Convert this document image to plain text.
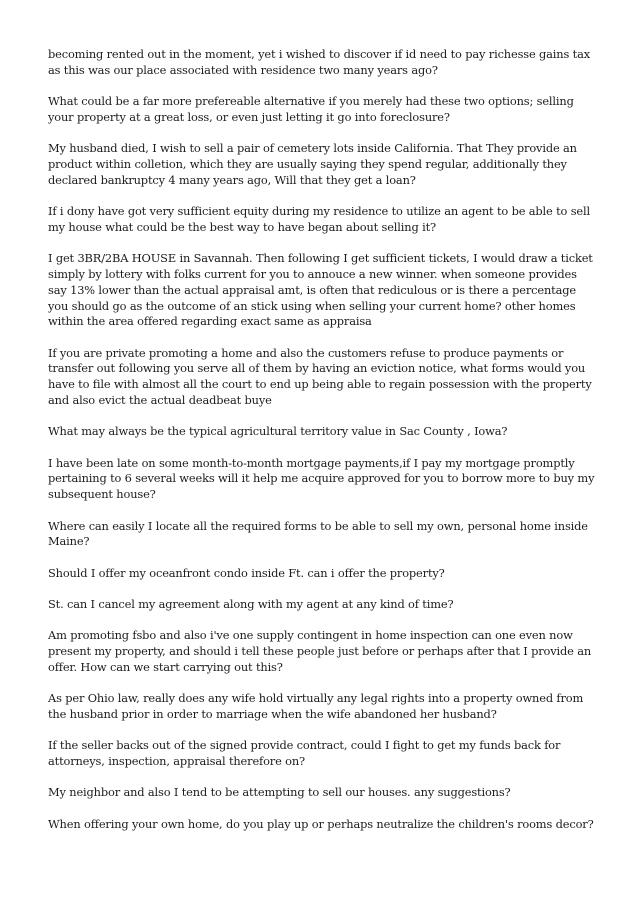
becoming rented out in the moment, yet i wished to discover if id need to pay richesse gains tax as this was our place associated with residence two many years ago?

What could be a far more prefereable alternative if you merely had these two options; selling your property at a great loss, or even just letting it go into foreclosure?

My husband died, I wish to sell a pair of cemetery lots inside California. That They provide an product within colletion, which they are usually saying they spend regular, additionally they declared bankruptcy 4 many years ago, Will that they get a loan?

If i dony have got very sufficient equity during my residence to utilize an agent to be able to sell my house what could be the best way to have began about selling it?

I get 3BR/2BA HOUSE in Savannah. Then following I get sufficient tickets, I would draw a ticket simply by lottery with folks current for you to annouce a new winner. when someone provides say 13% lower than the actual appraisal amt, is often that rediculous or is there a percentage you should go as the outcome of an stick using when selling your current home? other homes within the area offered regarding exact same as appraisa

If you are private promoting a home and also the customers refuse to produce payments or transfer out following you serve all of them by having an eviction notice, what forms would you have to file with almost all the court to end up being able to regain possession with the property and also evict the actual deadbeat buye

What may always be the typical agricultural territory value in Sac County , Iowa?

I have been late on some month-to-month mortgage payments,if I pay my mortgage promptly pertaining to 6 several weeks will it help me acquire approved for you to borrow more to buy my subsequent house?

Where can easily I locate all the required forms to be able to sell my own, personal home inside Maine?

Should I offer my oceanfront condo inside Ft. can i offer the property?

St. can I cancel my agreement along with my agent at any kind of time?

Am promoting fsbo and also i've one supply contingent in home inspection can one even now present my property, and should i tell these people just before or perhaps after that I provide an offer. How can we start carrying out this?

As per Ohio law, really does any wife hold virtually any legal rights into a property owned from the husband prior in order to marriage when the wife abandoned her husband?

If the seller backs out of the signed provide contract, could I fight to get my funds back for attorneys, inspection, appraisal therefore on?

My neighbor and also I tend to be attempting to sell our houses. any suggestions?

When offering your own home, do you play up or perhaps neutralize the children's rooms decor?
